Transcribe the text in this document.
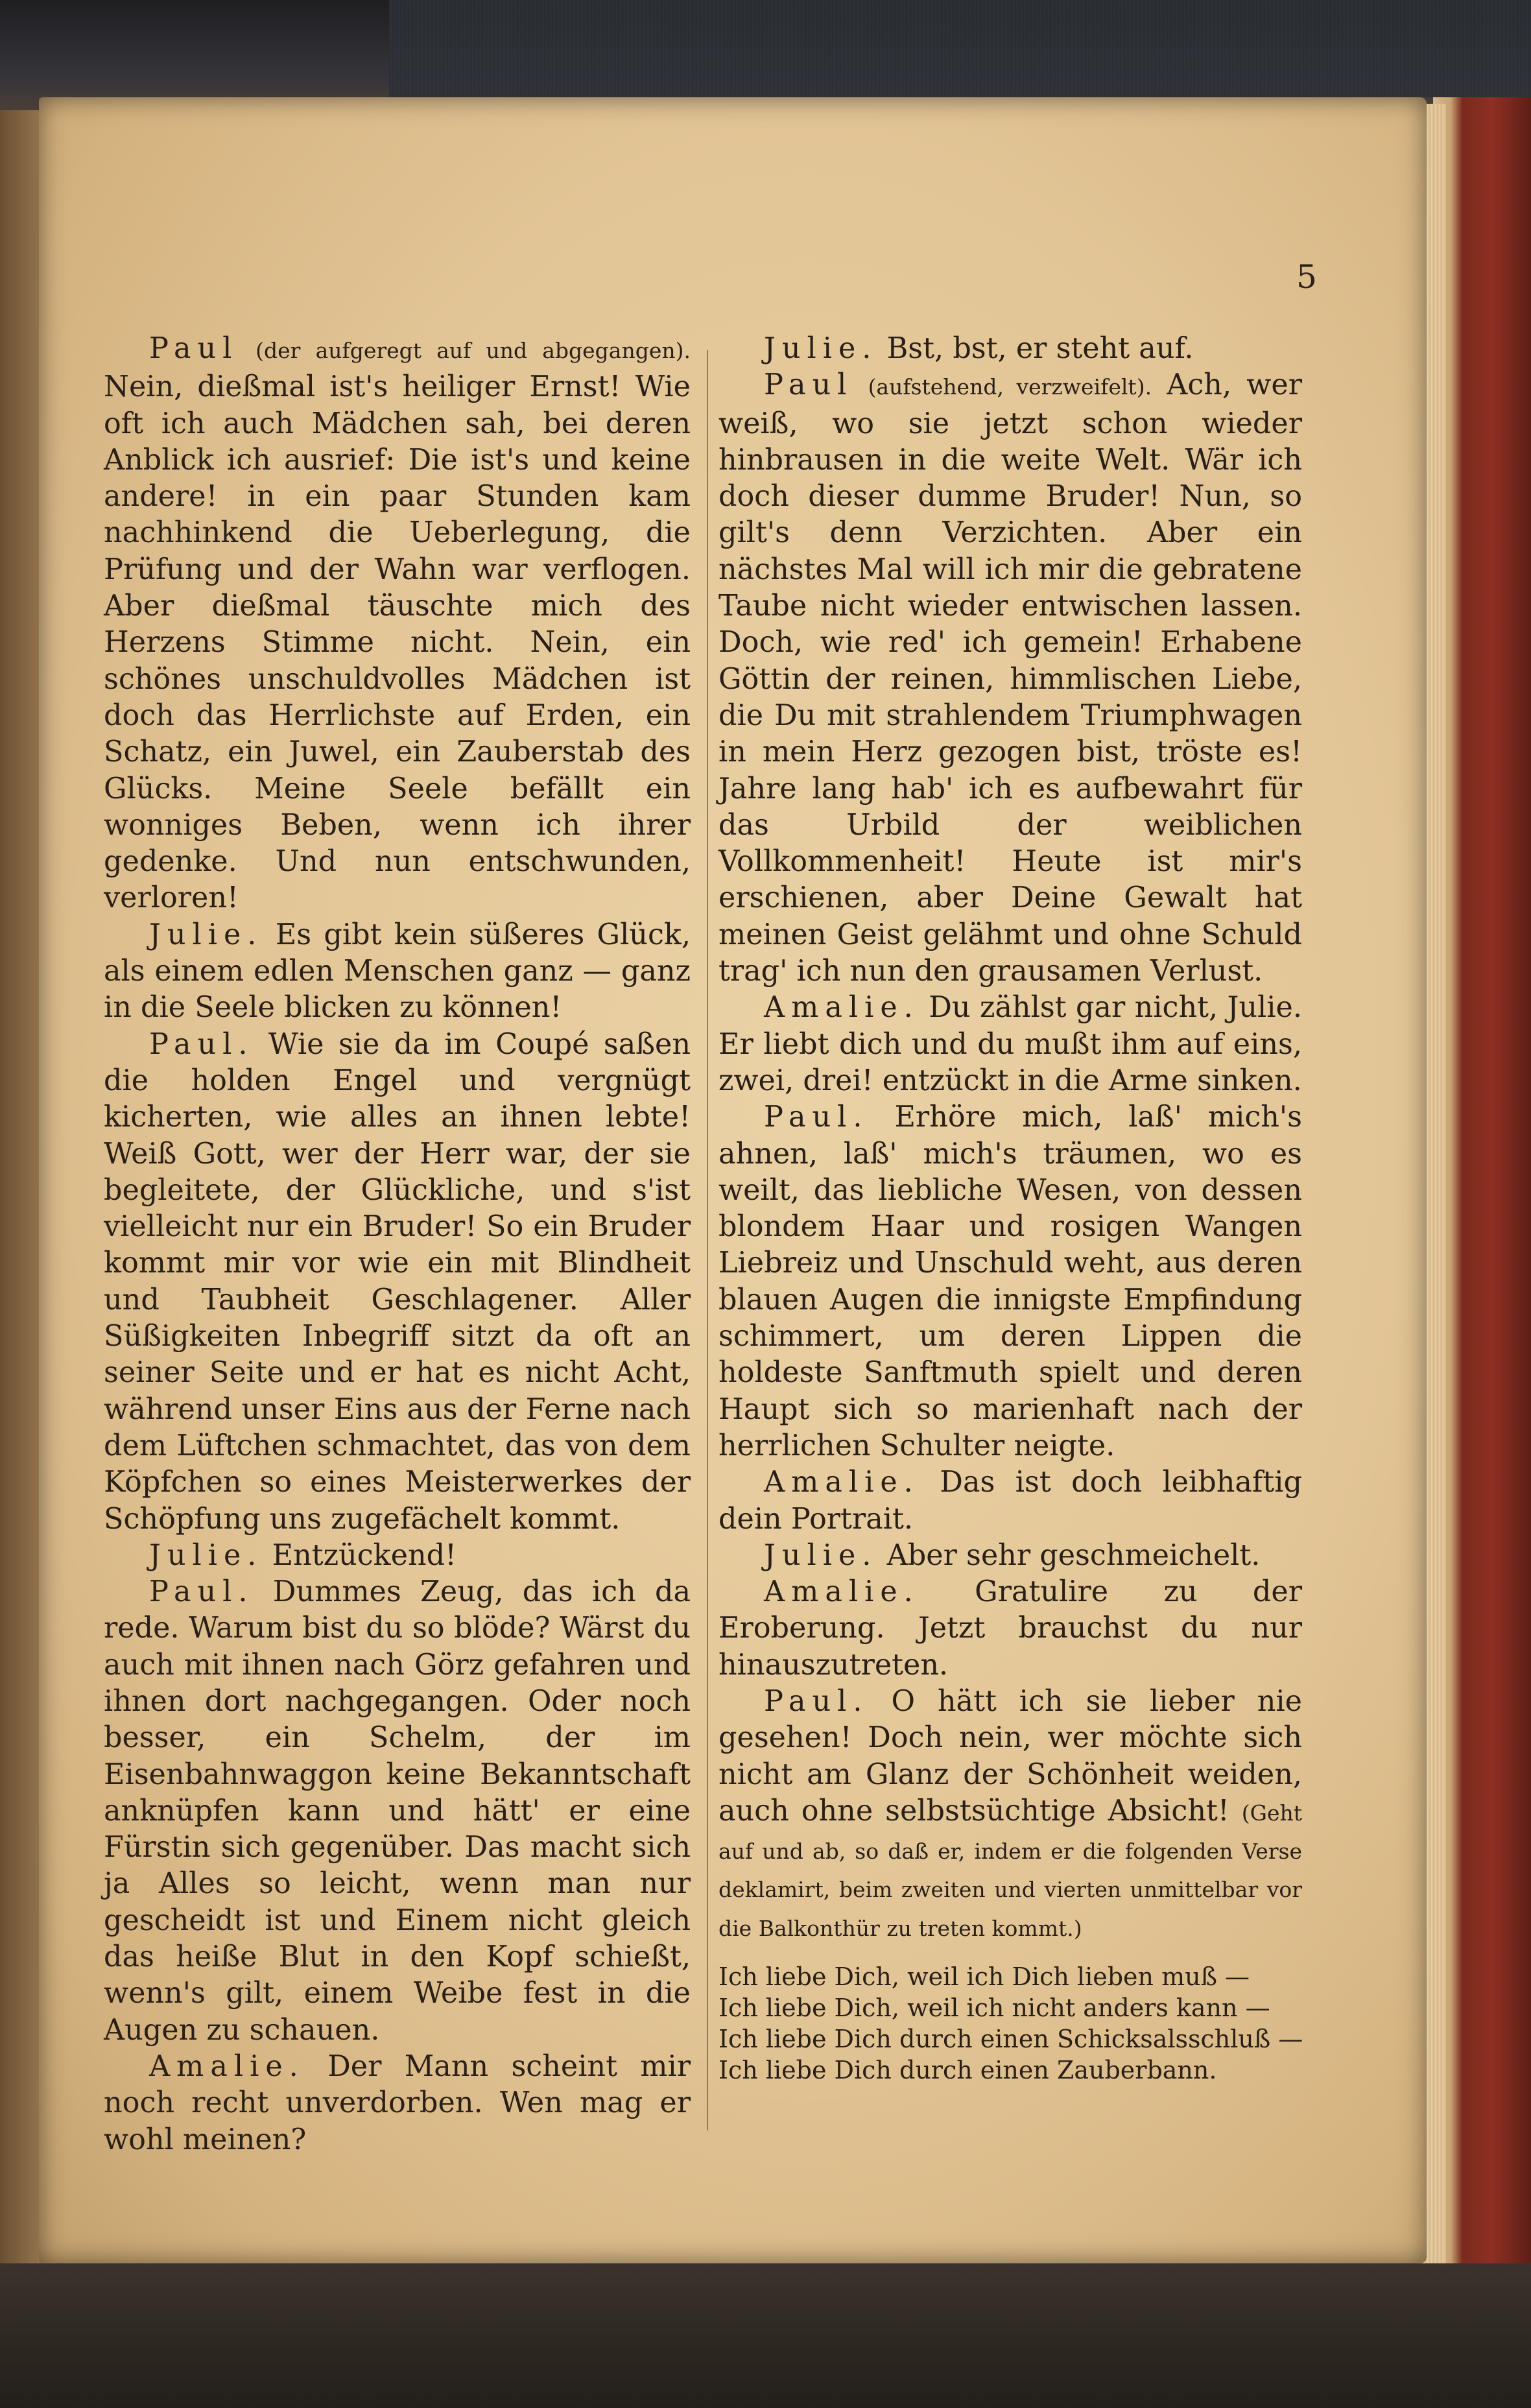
5

Paul (der aufgeregt auf und abgegangen). Nein, dießmal ist's heiliger Ernst! Wie oft ich auch Mädchen sah, bei deren Anblick ich ausrief: Die ist's und keine andere! in ein paar Stunden kam nachhinkend die Ueberlegung, die Prüfung und der Wahn war verflogen. Aber dießmal täuschte mich des Herzens Stimme nicht. Nein, ein schönes unschuldvolles Mädchen ist doch das Herrlichste auf Erden, ein Schatz, ein Juwel, ein Zauberstab des Glücks. Meine Seele befällt ein wonniges Beben, wenn ich ihrer gedenke. Und nun entschwunden, verloren!

Julie. Es gibt kein süßeres Glück, als einem edlen Menschen ganz — ganz in die Seele blicken zu können!

Paul. Wie sie da im Coupé saßen die holden Engel und vergnügt kicherten, wie alles an ihnen lebte! Weiß Gott, wer der Herr war, der sie begleitete, der Glückliche, und s'ist vielleicht nur ein Bruder! So ein Bruder kommt mir vor wie ein mit Blindheit und Taubheit Geschlagener. Aller Süßigkeiten Inbegriff sitzt da oft an seiner Seite und er hat es nicht Acht, während unser Eins aus der Ferne nach dem Lüftchen schmachtet, das von dem Köpfchen so eines Meisterwerkes der Schöpfung uns zugefächelt kommt.

Julie. Entzückend!

Paul. Dummes Zeug, das ich da rede. Warum bist du so blöde? Wärst du auch mit ihnen nach Görz gefahren und ihnen dort nachgegangen. Oder noch besser, ein Schelm, der im Eisenbahnwaggon keine Bekanntschaft anknüpfen kann und hätt' er eine Fürstin sich gegenüber. Das macht sich ja Alles so leicht, wenn man nur gescheidt ist und Einem nicht gleich das heiße Blut in den Kopf schießt, wenn's gilt, einem Weibe fest in die Augen zu schauen.

Amalie. Der Mann scheint mir noch recht unverdorben. Wen mag er wohl meinen?

Julie. Bst, bst, er steht auf.

Paul (aufstehend, verzweifelt). Ach, wer weiß, wo sie jetzt schon wieder hinbrausen in die weite Welt. Wär ich doch dieser dumme Bruder! Nun, so gilt's denn Verzichten. Aber ein nächstes Mal will ich mir die gebratene Taube nicht wieder entwischen lassen. Doch, wie red' ich gemein! Erhabene Göttin der reinen, himmlischen Liebe, die Du mit strahlendem Triumphwagen in mein Herz gezogen bist, tröste es! Jahre lang hab' ich es aufbewahrt für das Urbild der weiblichen Vollkommenheit! Heute ist mir's erschienen, aber Deine Gewalt hat meinen Geist gelähmt und ohne Schuld trag' ich nun den grausamen Verlust.

Amalie. Du zählst gar nicht, Julie. Er liebt dich und du mußt ihm auf eins, zwei, drei! entzückt in die Arme sinken.

Paul. Erhöre mich, laß' mich's ahnen, laß' mich's träumen, wo es weilt, das liebliche Wesen, von dessen blondem Haar und rosigen Wangen Liebreiz und Unschuld weht, aus deren blauen Augen die innigste Empfindung schimmert, um deren Lippen die holdeste Sanftmuth spielt und deren Haupt sich so marienhaft nach der herrlichen Schulter neigte.

Amalie. Das ist doch leibhaftig dein Portrait.

Julie. Aber sehr geschmeichelt.

Amalie. Gratulire zu der Eroberung. Jetzt brauchst du nur hinauszutreten.

Paul. O hätt ich sie lieber nie gesehen! Doch nein, wer möchte sich nicht am Glanz der Schönheit weiden, auch ohne selbstsüchtige Absicht! (Geht auf und ab, so daß er, indem er die folgenden Verse deklamirt, beim zweiten und vierten unmittelbar vor die Balkonthür zu treten kommt.)

Ich liebe Dich, weil ich Dich lieben muß —
Ich liebe Dich, weil ich nicht anders kann —
Ich liebe Dich durch einen Schicksalsschluß —
Ich liebe Dich durch einen Zauberbann.
